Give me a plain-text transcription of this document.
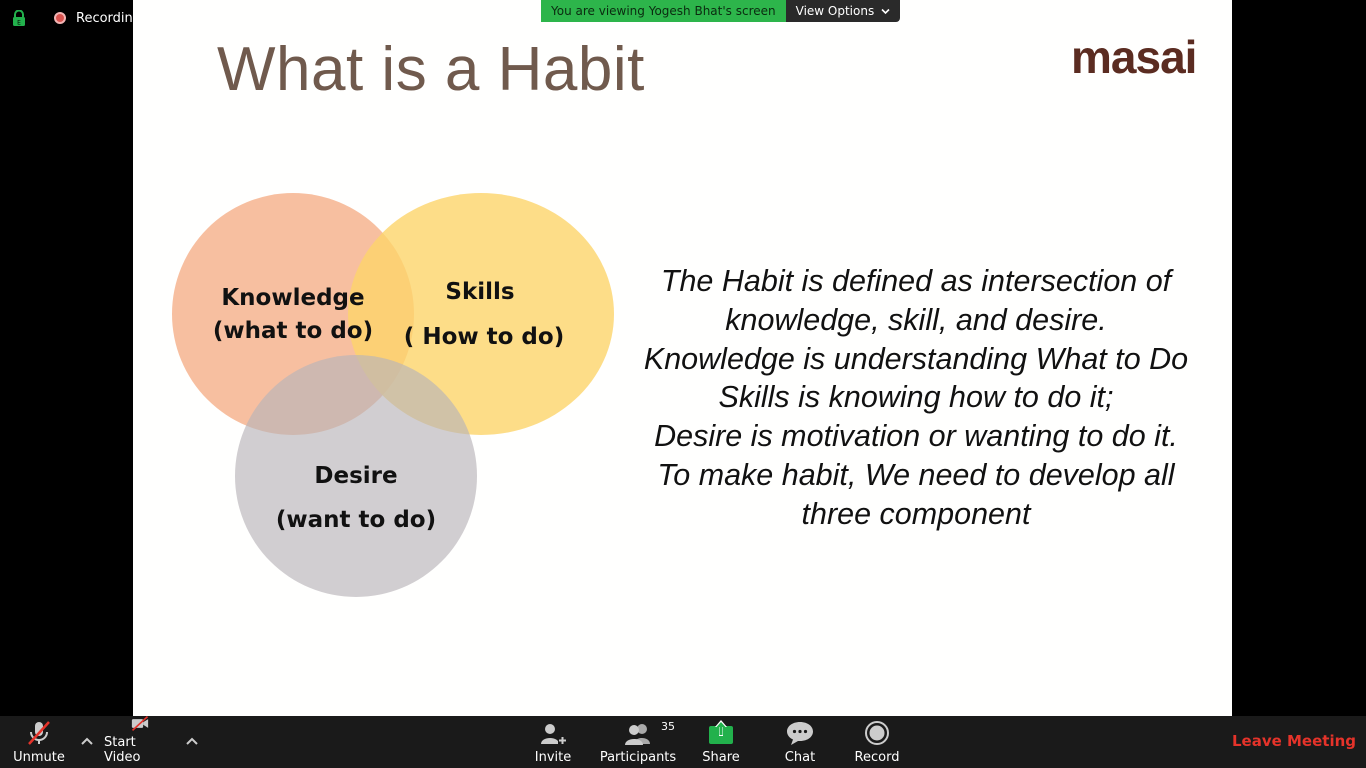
E	Recordin
What is a Habit	masai
Knowledge
(what to do)
Skills
( How to do)
Desire
(want to do)
The Habit is defined as intersection of
knowledge, skill, and desire.
Knowledge is understanding What to Do
Skills is knowing how to do it;
Desire is motivation or wanting to do it.
To make habit, We need to develop all
three component
You are viewing Yogesh Bhat's screen	View Options
Unmute
Start Video	Invite Participants
35
Share	Chat	Record
Leave Meeting
